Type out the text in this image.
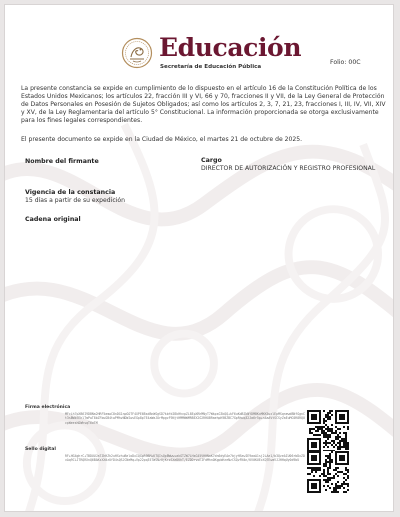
Educación
Secretaría de Educación Pública
Folio: 00C
La presente constancia se expide en cumplimiento de lo dispuesto en el artículo 16 de la Constitución Política de los Estados Unidos Mexicanos; los artículos 22, fracción III y VI, 66 y 70, fracciones II y VII, de la Ley General de Protección de Datos Personales en Posesión de Sujetos Obligados; así como los artículos 2, 3, 7, 21, 23, fracciones I, III, IV, VII, XIV y XV, de la Ley Reglamentaria del artículo 5° Constitucional. La información proporcionada se otorga exclusivamente para los fines legales correspondientes.
El presente documento se expide en la Ciudad de México, el martes 21 de octubre de 2025.
Nombre del firmante	Cargo
DIRECTOR DE AUTORIZACIÓN Y REGISTRO PROFESIONAL
Vigencia de la constancia
15 días a partir de su expedición
Cadena original
Firma electrónica
MFcLh7pXB6I9DBNa2HRF5amwC8nDG1npGOTF4XPE6BsdBnWGgSD7kbfdZ6kHhvpZL8EpXRhMNyT7WkpsG3kQQ+kF6uKdBZkNYDMBKxMKK5uxlEpMSqnewdBNfGgnCt3sBWb7EhlTmPwT8bZFbuGB4twPMhvNDWJwsEGp8p7E4aWaJOrMpgzF9NjtHMMWWMRBEX2G2RHOBRaehpK9BZBC7GpRhuq32Ja6r5p+n4aAVtSCSyZaEuMC0R8RQUcpWeeshDWhsqT6oTM
Sello digital
RF+HG4ghrC+TBDUUJaTZhHZh2uHSzhuBeloDxIQGpR9BM+KTQIsQpBWww+akGTZW7LHsG45VHHNaK7dn6dyEAe7bjyHSewIE9aaA1sj2LAe1/b3QzeAIU06rbDxZDvAq9CLJTRQRXnQ6BAKzXX0zUfD4sQSJCNeMq+Vp22pq35TWSNz0jKrzSXeDKhT/EZDDrvoEIFdMhnOKgpbHzeNzCSQvFN4n/KV0KUEcXQ7EwaVJJHHqUy0d9bU
